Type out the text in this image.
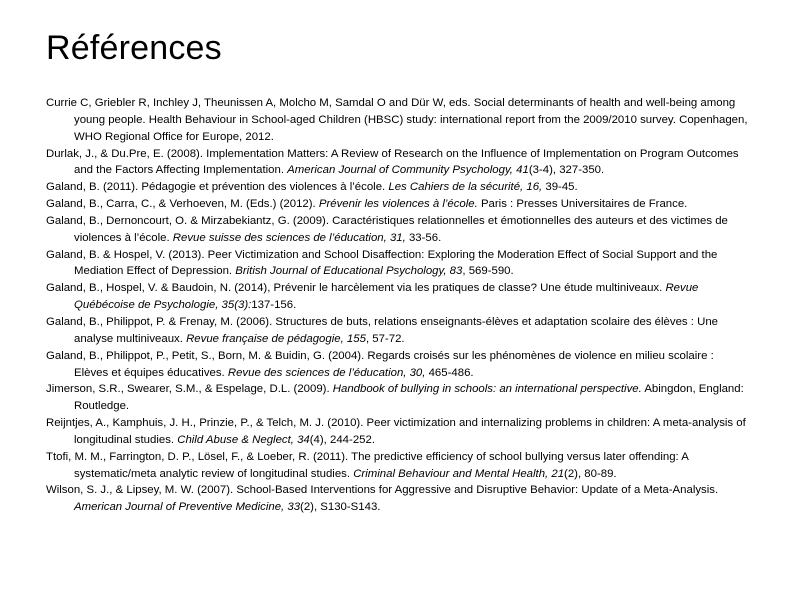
Références
Currie C, Griebler R, Inchley J, Theunissen A, Molcho M, Samdal O and Dür W, eds. Social determinants of health and well-being among young people. Health Behaviour in School-aged Children (HBSC) study: international report from the 2009/2010 survey. Copenhagen, WHO Regional Office for Europe, 2012.
Durlak, J., & Du.Pre, E. (2008). Implementation Matters: A Review of Research on the Influence of Implementation on Program Outcomes and the Factors Affecting Implementation. American Journal of Community Psychology, 41(3-4), 327-350.
Galand, B. (2011). Pédagogie et prévention des violences à l’école. Les Cahiers de la sécurité, 16, 39-45.
Galand, B., Carra, C., & Verhoeven, M. (Eds.) (2012). Prévenir les violences à l’école. Paris : Presses Universitaires de France.
Galand, B., Dernoncourt, O. & Mirzabekiantz, G. (2009). Caractéristiques relationnelles et émotionnelles des auteurs et des victimes de violences à l’école. Revue suisse des sciences de l’éducation, 31, 33-56.
Galand, B. & Hospel, V. (2013). Peer Victimization and School Disaffection: Exploring the Moderation Effect of Social Support and the Mediation Effect of Depression. British Journal of Educational Psychology, 83, 569-590.
Galand, B., Hospel, V. & Baudoin, N. (2014), Prévenir le harcèlement via les pratiques de classe? Une étude multiniveaux. Revue Québécoise de Psychologie, 35(3):137-156.
Galand, B., Philippot, P. & Frenay, M. (2006). Structures de buts, relations enseignants-élèves et adaptation scolaire des élèves : Une analyse multiniveaux. Revue française de pédagogie, 155, 57-72.
Galand, B., Philippot, P., Petit, S., Born, M. & Buidin, G. (2004). Regards croisés sur les phénomènes de violence en milieu scolaire : Elèves et équipes éducatives. Revue des sciences de l’éducation, 30, 465-486.
Jimerson, S.R., Swearer, S.M., & Espelage, D.L. (2009). Handbook of bullying in schools: an international perspective. Abingdon, England: Routledge.
Reijntjes, A., Kamphuis, J. H., Prinzie, P., & Telch, M. J. (2010). Peer victimization and internalizing problems in children: A meta-analysis of longitudinal studies. Child Abuse & Neglect, 34(4), 244-252.
Ttofi, M. M., Farrington, D. P., Lösel, F., & Loeber, R. (2011). The predictive efficiency of school bullying versus later offending: A systematic/meta analytic review of longitudinal studies. Criminal Behaviour and Mental Health, 21(2), 80-89.
Wilson, S. J., & Lipsey, M. W. (2007). School-Based Interventions for Aggressive and Disruptive Behavior: Update of a Meta-Analysis. American Journal of Preventive Medicine, 33(2), S130-S143.
